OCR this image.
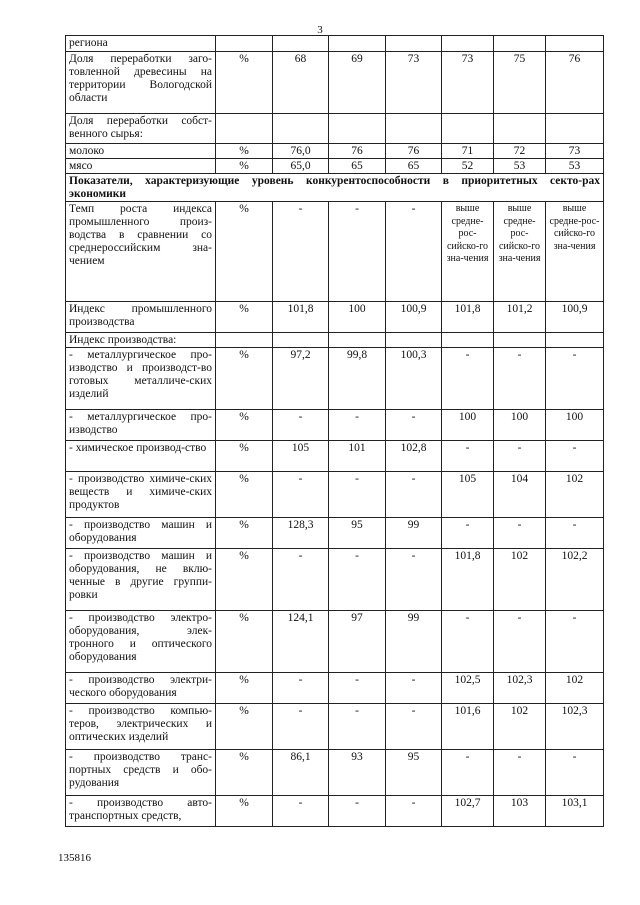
3
региона							
Доля переработки заго-товленной древесины на территории Вологодской области	%	68	69	73	73	75	76
Доля переработки собст-венного сырья:							
молоко	%	76,0	76	76	71	72	73
мясо	%	65,0	65	65	52	53	53
Показатели, характеризующие уровень конкурентоспособности в приоритетных секто-рах экономики							
Темп роста индекса промышленного произ-водства в сравнении со среднероссийским зна-чением	%	-	-	-	выше средне-рос-сийско-го зна-чения	выше средне-рос-сийско-го зна-чения	выше средне-рос-сийско-го зна-чения
Индекс промышленного производства	%	101,8	100	100,9	101,8	101,2	100,9
Индекс производства:							
- металлургическое про-изводство и производст-во готовых металличе-ских изделий	%	97,2	99,8	100,3	-	-	-
- металлургическое про-изводство	%	-	-	-	100	100	100
- химическое производ-ство	%	105	101	102,8	-	-	-
- производство химиче-ских веществ и химиче-ских продуктов	%	-	-	-	105	104	102
- производство машин и оборудования	%	128,3	95	99	-	-	-
- производство машин и оборудования, не вклю-ченные в другие группи-ровки	%	-	-	-	101,8	102	102,2
- производство электро-оборудования, элек-тронного и оптического оборудования	%	124,1	97	99	-	-	-
- производство электри-ческого оборудования	%	-	-	-	102,5	102,3	102
- производство компью-теров, электрических и оптических изделий	%	-	-	-	101,6	102	102,3
- производство транс-портных средств и обо-рудования	%	86,1	93	95	-	-	-
- производство авто-транспортных средств,	%	-	-	-	102,7	103	103,1
135816
